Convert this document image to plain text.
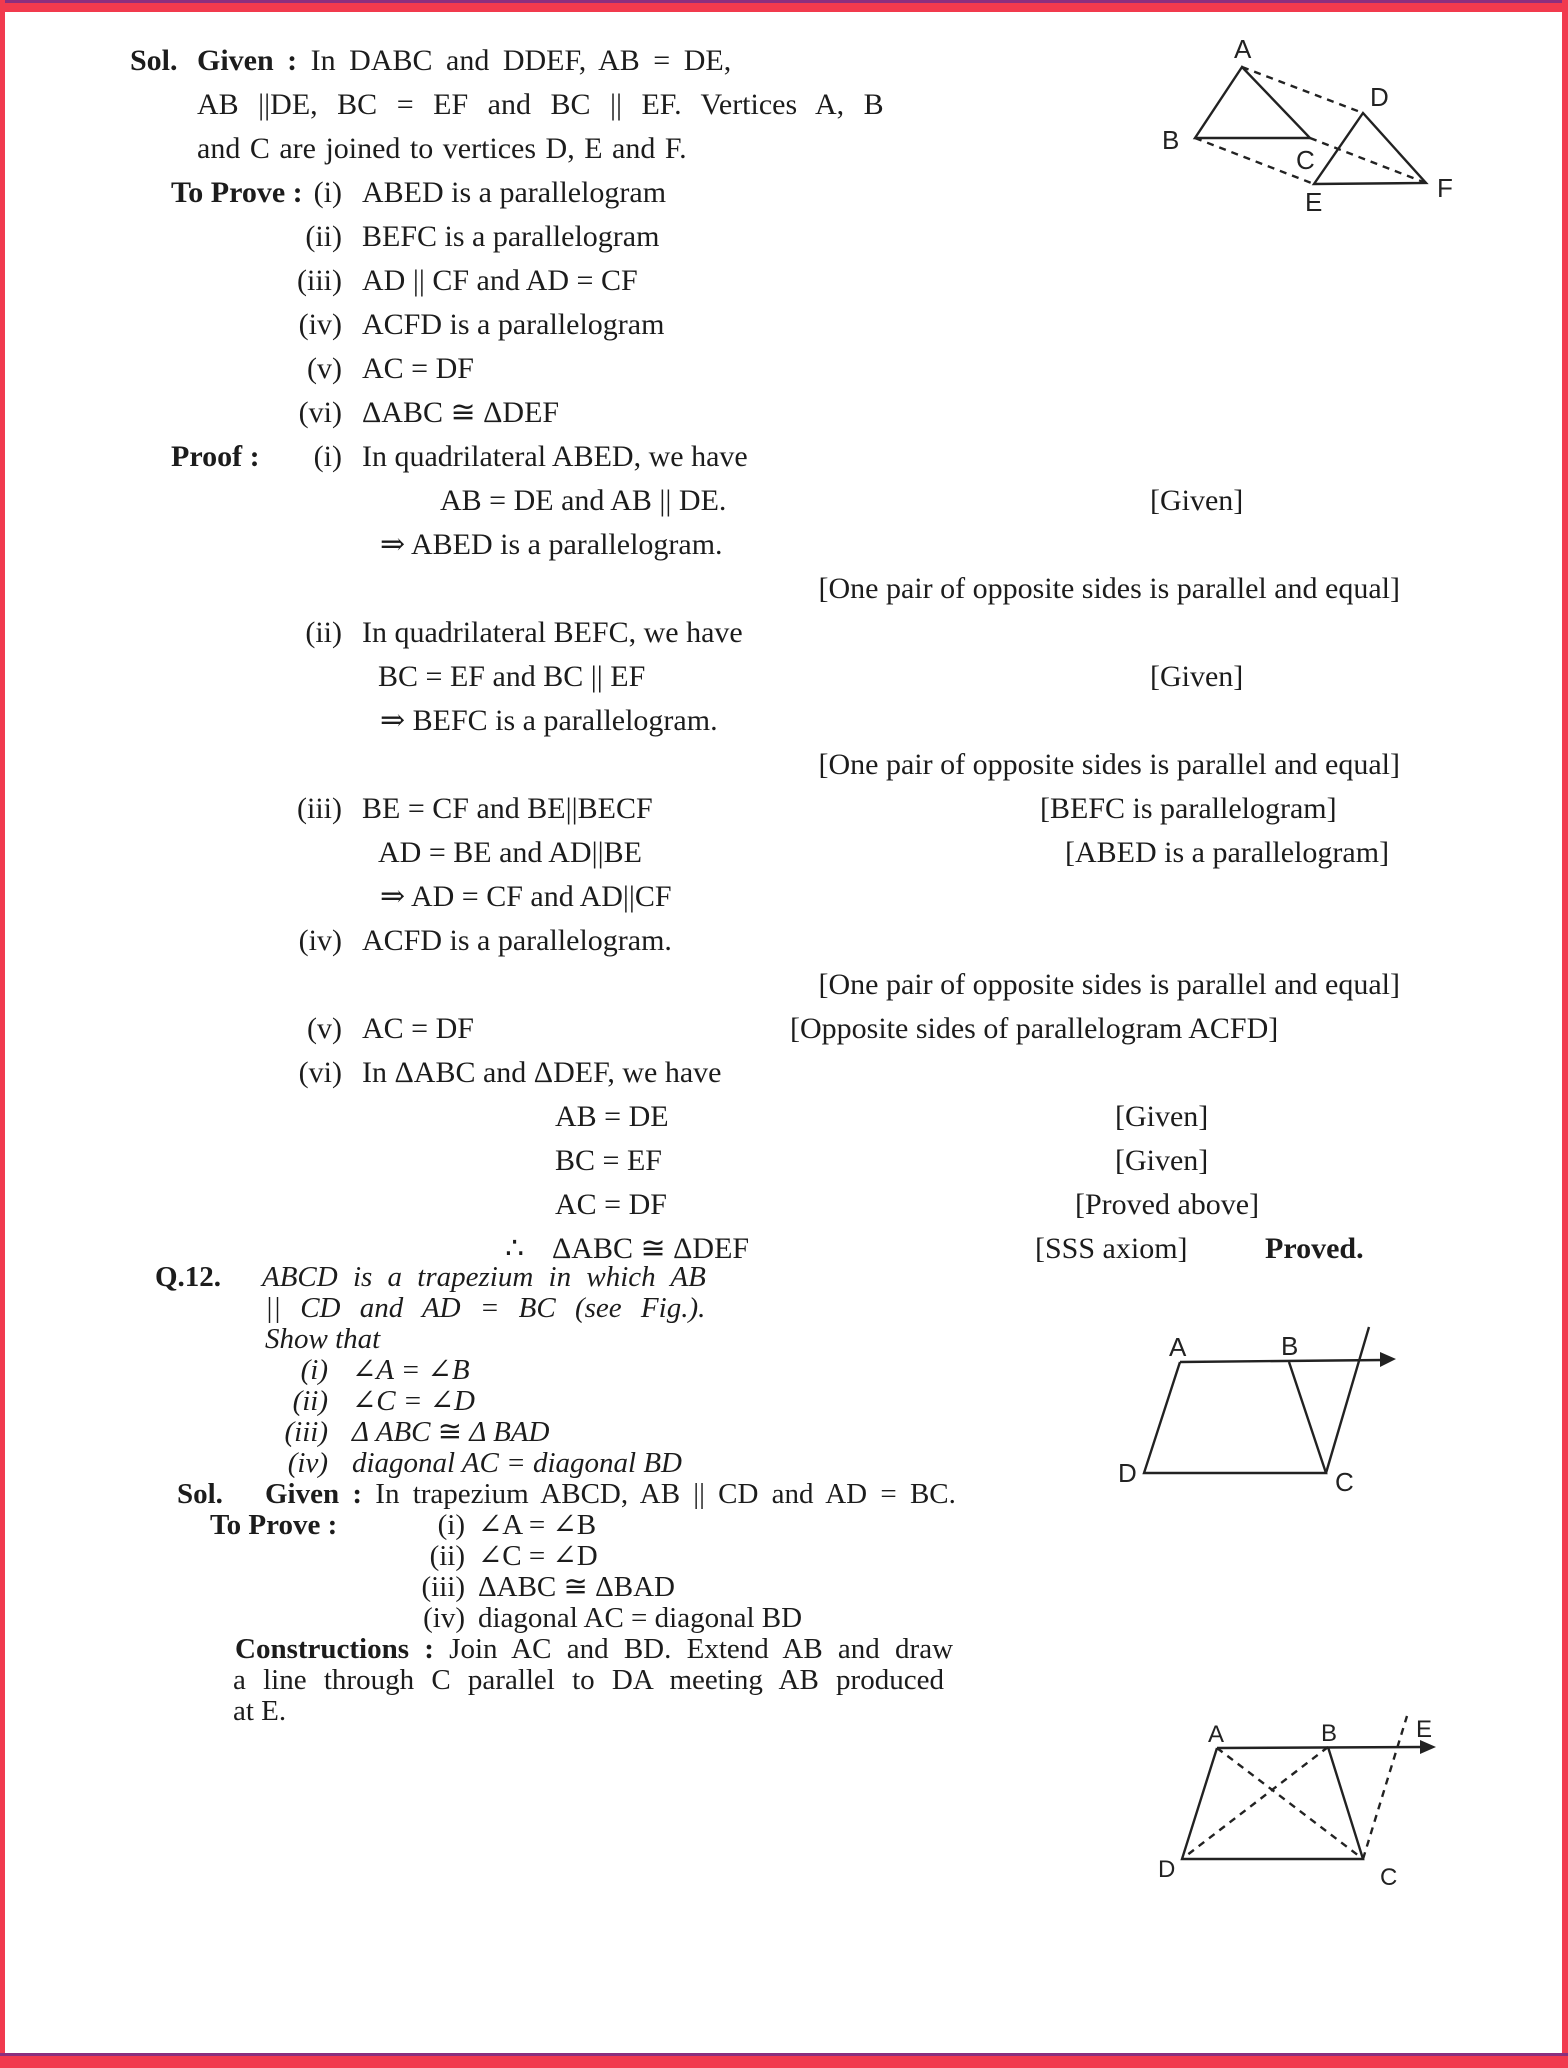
A
B
C
D
E	F
A	B
D	C
A	B
D	C
E
Sol. Given : In DABC and DDEF, AB = DE,
AB ||DE, BC = EF and BC || EF. Vertices A, B
and C are joined to vertices D, E and F.
To Prove : (i) ABED is a parallelogram
(ii) BEFC is a parallelogram
(iii) AD || CF and AD = CF
(iv) ACFD is a parallelogram
(v) AC = DF
(vi) ΔABC ≅ ΔDEF
Proof :	(i) In quadrilateral ABED, we have
AB = DE and AB || DE.	[Given]
⇒ ABED is a parallelogram.
[One pair of opposite sides is parallel and equal]
(ii) In quadrilateral BEFC, we have
BC = EF and BC || EF	[Given]
⇒ BEFC is a parallelogram.
[One pair of opposite sides is parallel and equal]
(iii) BE = CF and BE||BECF	[BEFC is parallelogram]
AD = BE and AD||BE	[ABED is a parallelogram]
⇒ AD = CF and AD||CF
(iv) ACFD is a parallelogram.
[One pair of opposite sides is parallel and equal]
(v) AC = DF	[Opposite sides of parallelogram ACFD]
(vi) In ΔABC and ΔDEF, we have
AB = DE	[Given]
BC = EF	[Given]
AC = DF	[Proved above]
∴ ΔABC ≅ ΔDEF	[SSS axiom]	Proved.
Q.12. ABCD is a trapezium in which AB
|| CD and AD = BC (see Fig.).
Show that
(i) ∠A = ∠B
(ii) ∠C = ∠D
(iii) Δ ABC ≅ Δ BAD
(iv) diagonal AC = diagonal BD
Sol. Given : In trapezium ABCD, AB || CD and AD = BC.
To Prove :	(i) ∠A = ∠B
(ii) ∠C = ∠D
(iii) ΔABC ≅ ΔBAD
(iv) diagonal AC = diagonal BD
Constructions : Join AC and BD. Extend AB and draw
a line through C parallel to DA meeting AB produced
at E.
